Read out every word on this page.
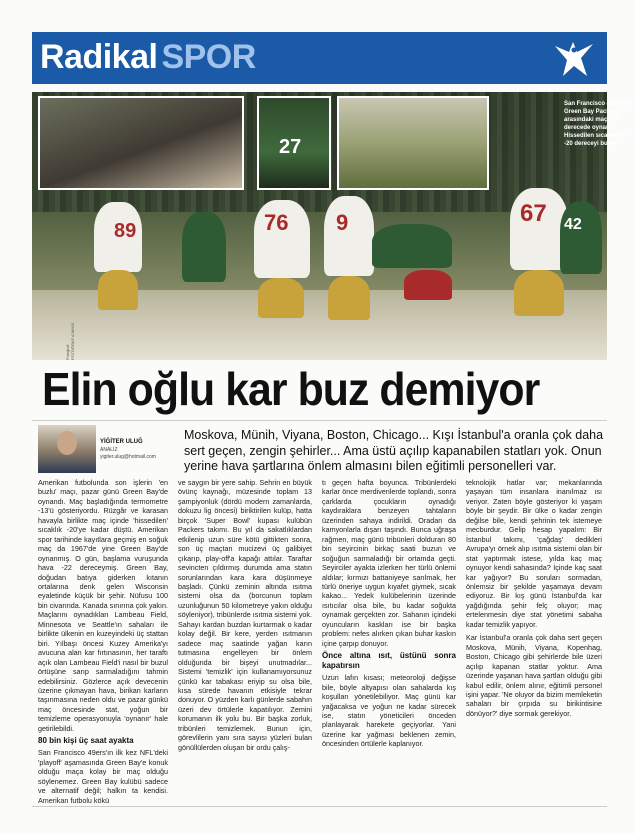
Radikal SPOR
27
89	76 9	67 42
San Francisco 49ers ile Green Bay Packers arasındaki maç, -14 derecede oynandı. Hissedilen sıcaklık ise -20 dereceyi buldu.
Fotoğraf: FOTOĞRAF AJANSI
Elin oğlu kar buz demiyor
YİĞİTER ULUĞ
ANALİZ
yigiter.ulug@hotmail.com
Moskova, Münih, Viyana, Boston, Chicago... Kışı İstanbul'a oranla çok daha sert geçen, zengin şehirler... Ama üstü açılıp kapanabilen statları yok. Onun yerine hava şartlarına önlem almasını bilen eğitimli personelleri var.

Amerikan futbolunda son işlerin 'en buzlu' maçı, pazar günü Green Bay'de oynandı. Maç başladığında termometre -13'ü gösteriyordu. Rüzgâr ve karasan havayla birlikte maç içinde 'hissedilen' sıcaklık -20'ye kadar düştü. Amerikan spor tarihinde kayıtlara geçmiş en soğuk maç da 1967'de yine Green Bay'de oynanmış. O gün, başlama vuruşunda hava -22 dereceymiş. Green Bay, doğudan batıya giderken kıtanın ortalarına denk gelen Wisconsin eyaletinde küçük bir şehir. Nüfusu 100 bin civarında. Kanada sınırına çok yakın. Maçlarını oynadıkları Lambeau Field, Minnesota ve Seattle'ın sahaları ile birlikte ülkenin en kuzeyindeki üç stattan biri. Yılbaşı öncesi Kuzey Amerika'yı avucuna alan kar fırtınasının, her taraftı açık olan Lambeau Field'i nasıl bir buzul örtüşüne sarıp sarmaladığını tahmin edebilirsiniz. Gözlerce açık devecenin üzerine çıkmayan hava, birikan karların taşınmasına neden oldu ve pazar günkü maç öncesinde stat, yoğun bir temizleme operasyonuyla 'oynanır' hale getirilebildi.

80 bin kişi üç saat ayakta

San Francisco 49ers'ın ilk kez NFL'deki 'playoff' aşamasında Green Bay'e konuk olduğu maça kolay bir maç olduğu söylenemez. Green Bay kulübü sadece ve alternatif değil; halkın ta kendisi. Amerikan futbolu kökü

ve saygın bir yere sahip. Sehrin en büyük övünç kaynağı, müzesinde toplam 13 şampiyonluk (dördü modern zamanlarda, dokuzu lig öncesi) biriktirilen kulüp, hatta birçok 'Super Bowl' kupası kulübün Packers takımı. Bu yıl da sakatlıklardan etkilenip uzun süre kötü gittikten sonra, son üç maçtan mucizevi üç galibiyet çıkarıp, play-off'a kapağı attılar. Taraftar sevincten çıldırmış durumda ama statın sorunlarından kara kara düşünmeye başladı. Çünkü zeminin altında ısıtma sistemi olsa da (borcunun toplam uzunluğunun 50 kilometreye yakın olduğu söyleniyor), tribünlerde ısıtma sistemi yok. Sahayı kardan buzdan kurtarmak o kadar kolay değil. Bir kere, yerden ısıtmanın sadece maç saatinde yağan karın tutmasına engelleyen bir önlem olduğunda bir bişeyi unutmadılar... Sistemi 'temizlik' için kullanamıyorsunuz çünkü kar tabakası eriyip su olsa bile, kısa sürede havanın etkisiyle tekrar donuyor. O yüzden karlı günlerde sabahın üzeri dev örtülerle kapatılıyor. Zemini korumanın ilk yolu bu. Bir başka zorluk, tribünleri temizlemek. Bunun için, görevlilerin yanı sıra sayısı yüzleri bulan gönüllülerden oluşan bir ordu çalış-

tı geçen hafta boyunca. Tribünlerdeki karlar önce merdivenlerde toplandı, sonra çarklarda çocukların oynadığı kaydıraklara benzeyen tahtaların üzerinden sahaya indirildi. Oradan da kamyonlarla dışarı taşındı. Bunca uğraşa rağmen, maç günü tribünleri dolduran 80 bin seyircinin birkaç saati buzun ve soğuğun sarmaladığı bir ortamda geçti. Seyirciler ayakta izlerken her türlü önlemi aldılar; kırmızı battaniyeye sarılmak, her türlü öneriye uygun kıyafet giymek, sıcak kakao... Yedek kulübelerinin üzerinde ısıtıcılar olsa bile, bu kadar soğukta oynamak gerçekten zor. Sahanın içindeki oyuncuların kaskları ise bir başka problem: nefes alırken çıkan buhar kaskın içine çarpıp donuyor.

Önce altına ısıt, üstünü sonra kapatırsın

Uzun lafın kısası; meteoroloji değişse bile, böyle altyapısı olan sahalarda kış koşulları yönetilebiliyor. Maç günü kar yağacaksa ve yoğun ne kadar sürecek ise, statın yöneticileri önceden planlayarak harekete geçiyorlar. Yani üzerine kar yağması beklenen zemin, öncesinden örtülerle kaplanıyor.

teknolojik hatlar var; mekanlarında yaşayan tüm insanlara inanılmaz ısı veriyor. Zaten böyle gösteriyor ki yaşam böyle bir şeydir. Bir ülke o kadar zengin değilse bile, kendi şehrinin tek istemeye mecburdur. Gelip hesap yapalım: Bir İstanbul takımı, 'çağdaş' dedikleri Avrupa'yı örnek alıp ısıtma sistemi olan bir stat yaptırmak istese, yılda kaç maç oynuyor kendi sahasında? İçinde kaç saat kar yağıyor? Bu soruları sormadan, önlemsiz bir şekilde yaşamaya devam ediyoruz. Bir kış günü İstanbul'da kar yağdığında şehir felç oluyor; maç ertelenmesin diye stat yönetimi sabaha kadar temizlik yapıyor.

Kar İstanbul'a oranla çok daha sert geçen Moskova, Münih, Viyana, Kopenhag, Boston, Chicago gibi şehirlerde bile üzeri açılıp kapanan statlar yoktur. Ama üzerinde yaşanan hava şartları olduğu gibi kabul edilir, önlem alınır, eğitimli personel işini yapar. 'Ne oluyor da bizim memleketin sahaları bir çırpıda su birikintisine dönüyor?' diye sormak gerekiyor.
